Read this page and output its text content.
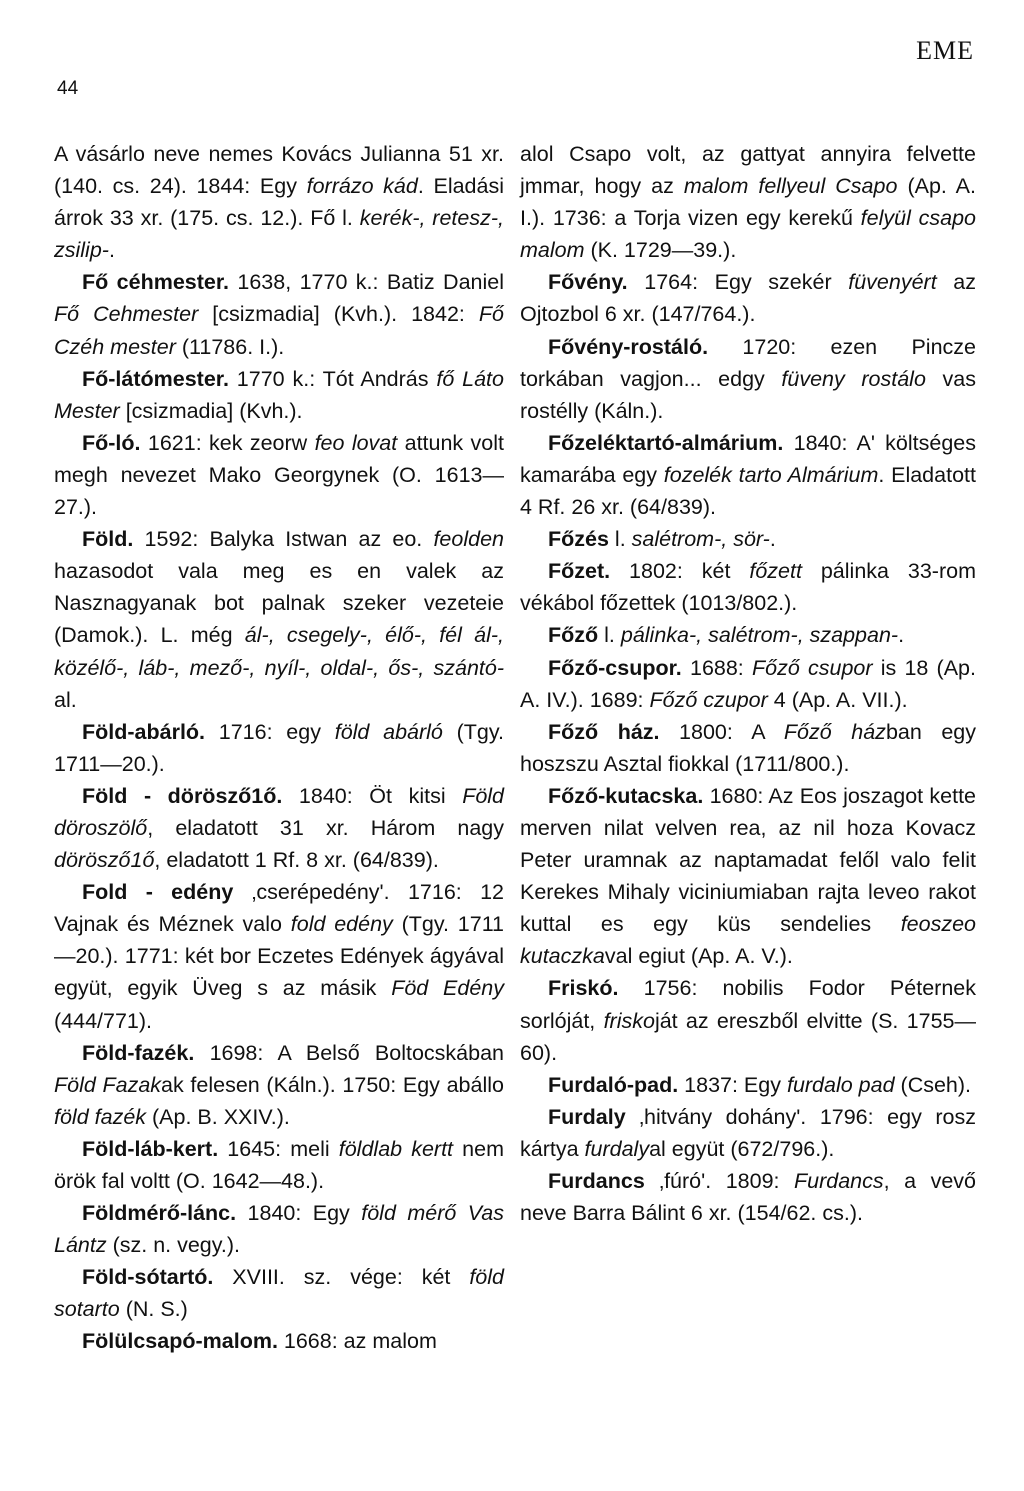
44
EME

A vásárlo neve nemes Kovács Julianna 51 xr. (140. cs. 24). 1844: Egy forrázo kád. Eladási árrok 33 xr. (175. cs. 12.). Fő l. kerék-, retesz-, zsilip-.

Fő céhmester. 1638, 1770 k.: Batiz Daniel Fő Cehmester [csizmadia] (Kvh.). 1842: Fő Czéh mester (11786. I.).

Fő-látómester. 1770 k.: Tót András fő Láto Mester [csizmadia] (Kvh.).

Fő-ló. 1621: kek zeorw feo lovat attunk volt megh nevezet Mako Georgynek (O. 1613—27.).

Föld. 1592: Balyka Istwan az eo. feolden hazasodot vala meg es en valek az Nasznagyanak bot palnak szeker vezeteie (Damok.). L. még ál-, csegely-, élő-, fél ál-, közélő-, láb-, mező-, nyíl-, oldal-, ős-, szántó- al.

Föld-abárló. 1716: egy föld abárló (Tgy. 1711—20.).

Föld - dörösző1ő. 1840: Öt kitsi Föld döroszölő, eladatott 31 xr. Három nagy dörösző1ő, eladatott 1 Rf. 8 xr. (64/839).

Fold - edény ‚cserépedény'. 1716: 12 Vajnak és Méznek valo fold edény (Tgy. 1711—20.). 1771: két bor Eczetes Edények ágyával együt, egyik Üveg s az másik Föd Edény (444/771).

Föld-fazék. 1698: A Belső Boltocskában Föld Fazakak felesen (Káln.). 1750: Egy abállo föld fazék (Ap. B. XXIV.).

Föld-láb-kert. 1645: meli földlab kertt nem örök fal voltt (O. 1642—48.).

Földmérő-lánc. 1840: Egy föld mérő Vas Lántz (sz. n. vegy.).

Föld-sótartó. XVIII. sz. vége: két föld sotarto (N. S.)

Fölülcsapó-malom. 1668: az malom

alol Csapo volt, az gattyat annyira felvette jmmar, hogy az malom fellyeul Csapo (Ap. A. I.). 1736: a Torja vizen egy kerekű felyül csapo malom (K. 1729—39.).

Fővény. 1764: Egy szekér füvenyért az Ojtozbol 6 xr. (147/764.).

Fővény-rostáló. 1720: ezen Pincze torkában vagjon... edgy füveny rostálo vas rostélly (Káln.).

Főzeléktartó-almárium. 1840: A' költséges kamarába egy fozelék tarto Almárium. Eladatott 4 Rf. 26 xr. (64/839).

Főzés l. salétrom-, sör-.

Főzet. 1802: két főzett pálinka 33-rom vékábol főzettek (1013/802.).

Főző l. pálinka-, salétrom-, szappan-.

Főző-csupor. 1688: Főző csupor is 18 (Ap. A. IV.). 1689: Főző czupor 4 (Ap. A. VII.).

Főző ház. 1800: A Főző házban egy hoszszu Asztal fiokkal (1711/800.).

Főző-kutacska. 1680: Az Eos joszagot kette merven nilat velven rea, az nil hoza Kovacz Peter uramnak az naptamadat felől valo felit Kerekes Mihaly viciniumiaban rajta leveo rakot kuttal es egy küs sendelies feoszeo kutaczkaval egiut (Ap. A. V.).

Friskó. 1756: nobilis Fodor Péternek sorlóját, friskoját az ereszből elvitte (S. 1755—60).

Furdaló-pad. 1837: Egy furdalo pad (Cseh).

Furdaly ‚hitvány dohány'. 1796: egy rosz kártya furdalyal együt (672/796.).

Furdancs ‚fúró'. 1809: Furdancs, a vevő neve Barra Bálint 6 xr. (154/62. cs.).
